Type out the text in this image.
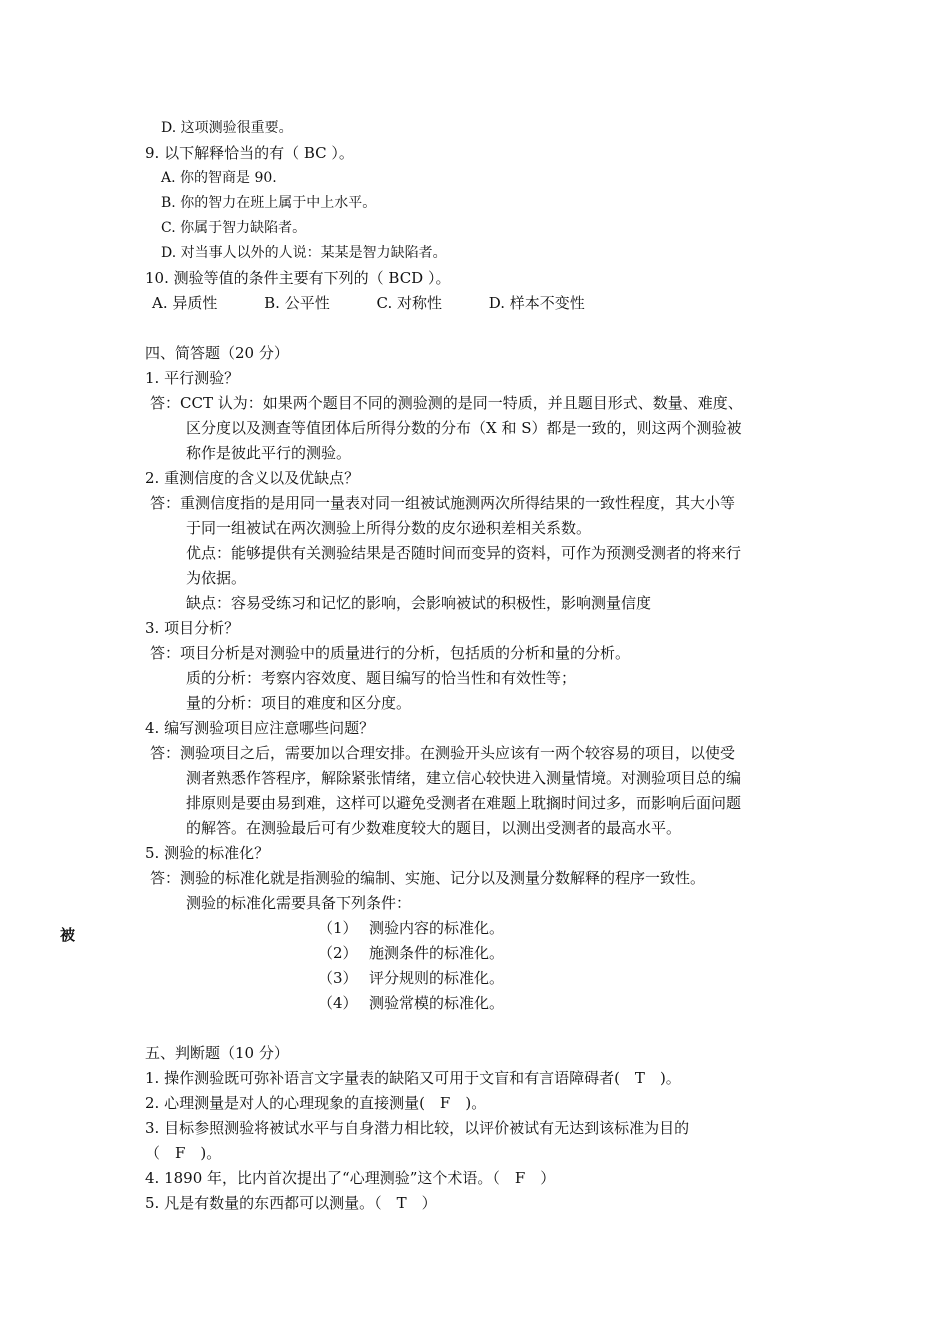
D. 这项测验很重要。
9. 以下解释恰当的有（ BC ）。
A. 你的智商是 90.
B. 你的智力在班上属于中上水平。
C. 你属于智力缺陷者。
D. 对当事人以外的人说：某某是智力缺陷者。
10. 测验等值的条件主要有下列的（ BCD ）。
A. 异质性	B. 公平性	C. 对称性	D. 样本不变性
四、简答题（20 分）
1. 平行测验？
答：CCT 认为：如果两个题目不同的测验测的是同一特质，并且题目形式、数量、难度、
区分度以及测查等值团体后所得分数的分布（X 和 S）都是一致的，则这两个测验被
称作是彼此平行的测验。
2. 重测信度的含义以及优缺点？
答：重测信度指的是用同一量表对同一组被试施测两次所得结果的一致性程度，其大小等
于同一组被试在两次测验上所得分数的皮尔逊积差相关系数。
优点：能够提供有关测验结果是否随时间而变异的资料，可作为预测受测者的将来行
为依据。
缺点：容易受练习和记忆的影响，会影响被试的积极性，影响测量信度
3. 项目分析？
答：项目分析是对测验中的质量进行的分析，包括质的分析和量的分析。
质的分析：考察内容效度、题目编写的恰当性和有效性等；
量的分析：项目的难度和区分度。
4. 编写测验项目应注意哪些问题？
答：测验项目之后，需要加以合理安排。在测验开头应该有一两个较容易的项目，以使受
测者熟悉作答程序，解除紧张情绪，建立信心较快进入测量情境。对测验项目总的编
排原则是要由易到难，这样可以避免受测者在难题上耽搁时间过多，而影响后面问题
的解答。在测验最后可有少数难度较大的题目，以测出受测者的最高水平。
5. 测验的标准化？
答：测验的标准化就是指测验的编制、实施、记分以及测量分数解释的程序一致性。
测验的标准化需要具备下列条件：
被	（1） 测验内容的标准化。
（2） 施测条件的标准化。
（3） 评分规则的标准化。
（4） 测验常模的标准化。
五、判断题（10 分）
1. 操作测验既可弥补语言文字量表的缺陷又可用于文盲和有言语障碍者(　T　)。
2. 心理测量是对人的心理现象的直接测量(　F　)。
3. 目标参照测验将被试水平与自身潜力相比较，以评价被试有无达到该标准为目的
（　F　)。
4. 1890 年，比内首次提出了“心理测验”这个术语。（　F　）
5. 凡是有数量的东西都可以测量。（　T　）
